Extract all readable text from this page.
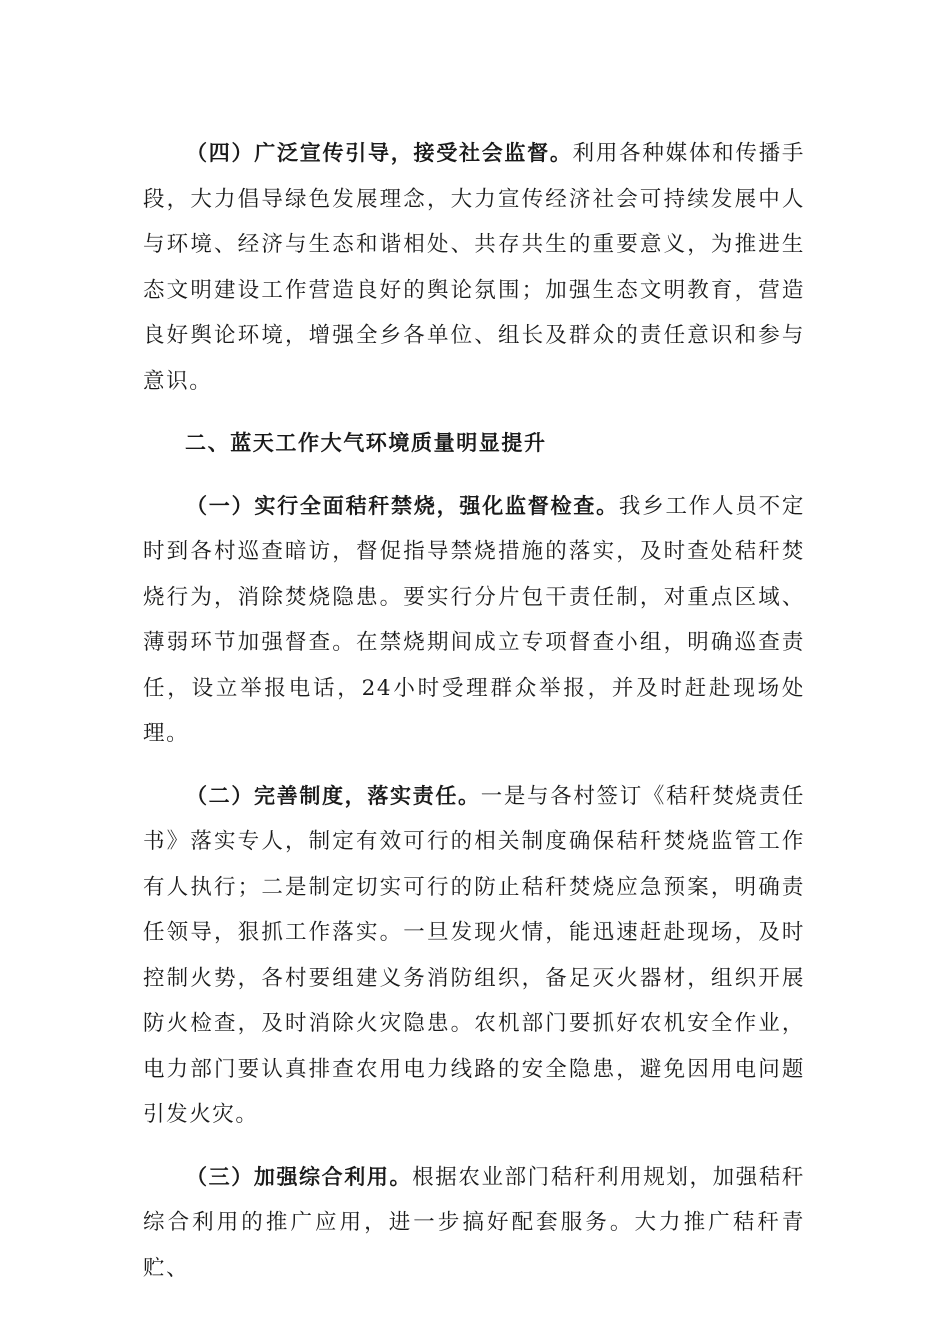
（四）广泛宣传引导，接受社会监督。利用各种媒体和传播手段，大力倡导绿色发展理念，大力宣传经济社会可持续发展中人与环境、经济与生态和谐相处、共存共生的重要意义，为推进生态文明建设工作营造良好的舆论氛围；加强生态文明教育，营造良好舆论环境，增强全乡各单位、组长及群众的责任意识和参与意识。

二、蓝天工作大气环境质量明显提升

（一）实行全面秸秆禁烧，强化监督检查。我乡工作人员不定时到各村巡查暗访，督促指导禁烧措施的落实，及时查处秸秆焚烧行为，消除焚烧隐患。要实行分片包干责任制，对重点区域、薄弱环节加强督查。在禁烧期间成立专项督查小组，明确巡查责任，设立举报电话，24小时受理群众举报，并及时赶赴现场处理。

（二）完善制度，落实责任。一是与各村签订《秸秆焚烧责任书》落实专人，制定有效可行的相关制度确保秸秆焚烧监管工作有人执行；二是制定切实可行的防止秸秆焚烧应急预案，明确责任领导，狠抓工作落实。一旦发现火情，能迅速赶赴现场，及时控制火势，各村要组建义务消防组织，备足灭火器材，组织开展防火检查，及时消除火灾隐患。农机部门要抓好农机安全作业，电力部门要认真排查农用电力线路的安全隐患，避免因用电问题引发火灾。

（三）加强综合利用。根据农业部门秸秆利用规划，加强秸秆综合利用的推广应用，进一步搞好配套服务。大力推广秸秆青贮、
